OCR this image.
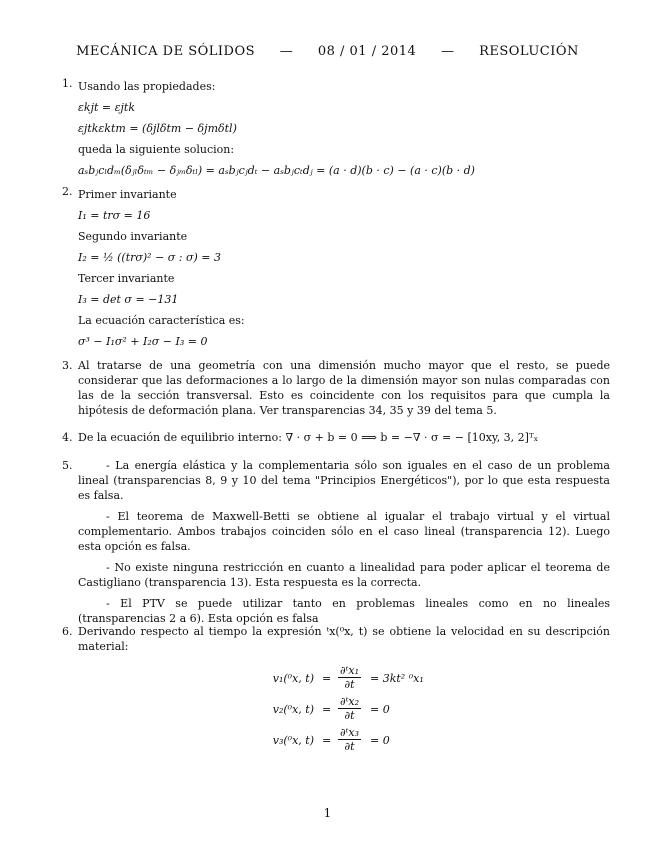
MECÁNICA DE SÓLIDOS — 08 / 01 / 2014 — RESOLUCIÓN
1. Usando las propiedades:
εkjt = εjtk
εjtkεktm = (δjlδtm − δjmδtl)
queda la siguiente solucion:
aₛbⱼcₗdₘ(δⱼₗδₜₘ − δⱼₘδₜₗ) = aₛbⱼcⱼdₜ − aₛbⱼcₜdⱼ = (a · d)(b · c) − (a · c)(b · d)
2. Primer invariante
I₁ = trσ = 16
Segundo invariante
I₂ = ½ ((trσ)² − σ : σ) = 3
Tercer invariante
I₃ = det σ = −131
La ecuación característica es:
σ³ − I₁σ² + I₂σ − I₃ = 0
3. Al tratarse de una geometría con una dimensión mucho mayor que el resto, se puede considerar que las deformaciones a lo largo de la dimensión mayor son nulas comparadas con las de la sección transversal. Esto es coincidente con los requisitos para que cumpla la hipótesis de deformación plana. Ver transparencias 34, 35 y 39 del tema 5.
4. De la ecuación de equilibrio interno: ∇ · σ + b = 0 ⟹ b = −∇ · σ = − [10xy, 3, 2]ᵀₓ
5.	- La energía elástica y la complementaria sólo son iguales en el caso de un problema lineal (transparencias 8, 9 y 10 del tema "Principios Energéticos"), por lo que esta respuesta es falsa.

- El teorema de Maxwell-Betti se obtiene al igualar el trabajo virtual y el virtual complementario. Ambos trabajos coinciden sólo en el caso lineal (transparencia 12). Luego esta opción es falsa.

- No existe ninguna restricción en cuanto a linealidad para poder aplicar el teorema de Castigliano (transparencia 13). Esta respuesta es la correcta.

- El PTV se puede utilizar tanto en problemas lineales como en no lineales (transparencias 2 a 6). Esta opción es falsa

6. Derivando respecto al tiempo la expresión ᵗx(⁰x, t) se obtiene la velocidad en su descripción material:
v₁(⁰x, $t) = \frac{\text{∂ᵗx₁}}{\partial t} = 3kt^2$ ⁰x₁
v₂(⁰x, $t) = \frac{\text{∂ᵗx₂}}{\partial t} = 0$
v₃(⁰x, $t) = \frac{\text{∂ᵗx₃}}{\partial t} = 0$
1
